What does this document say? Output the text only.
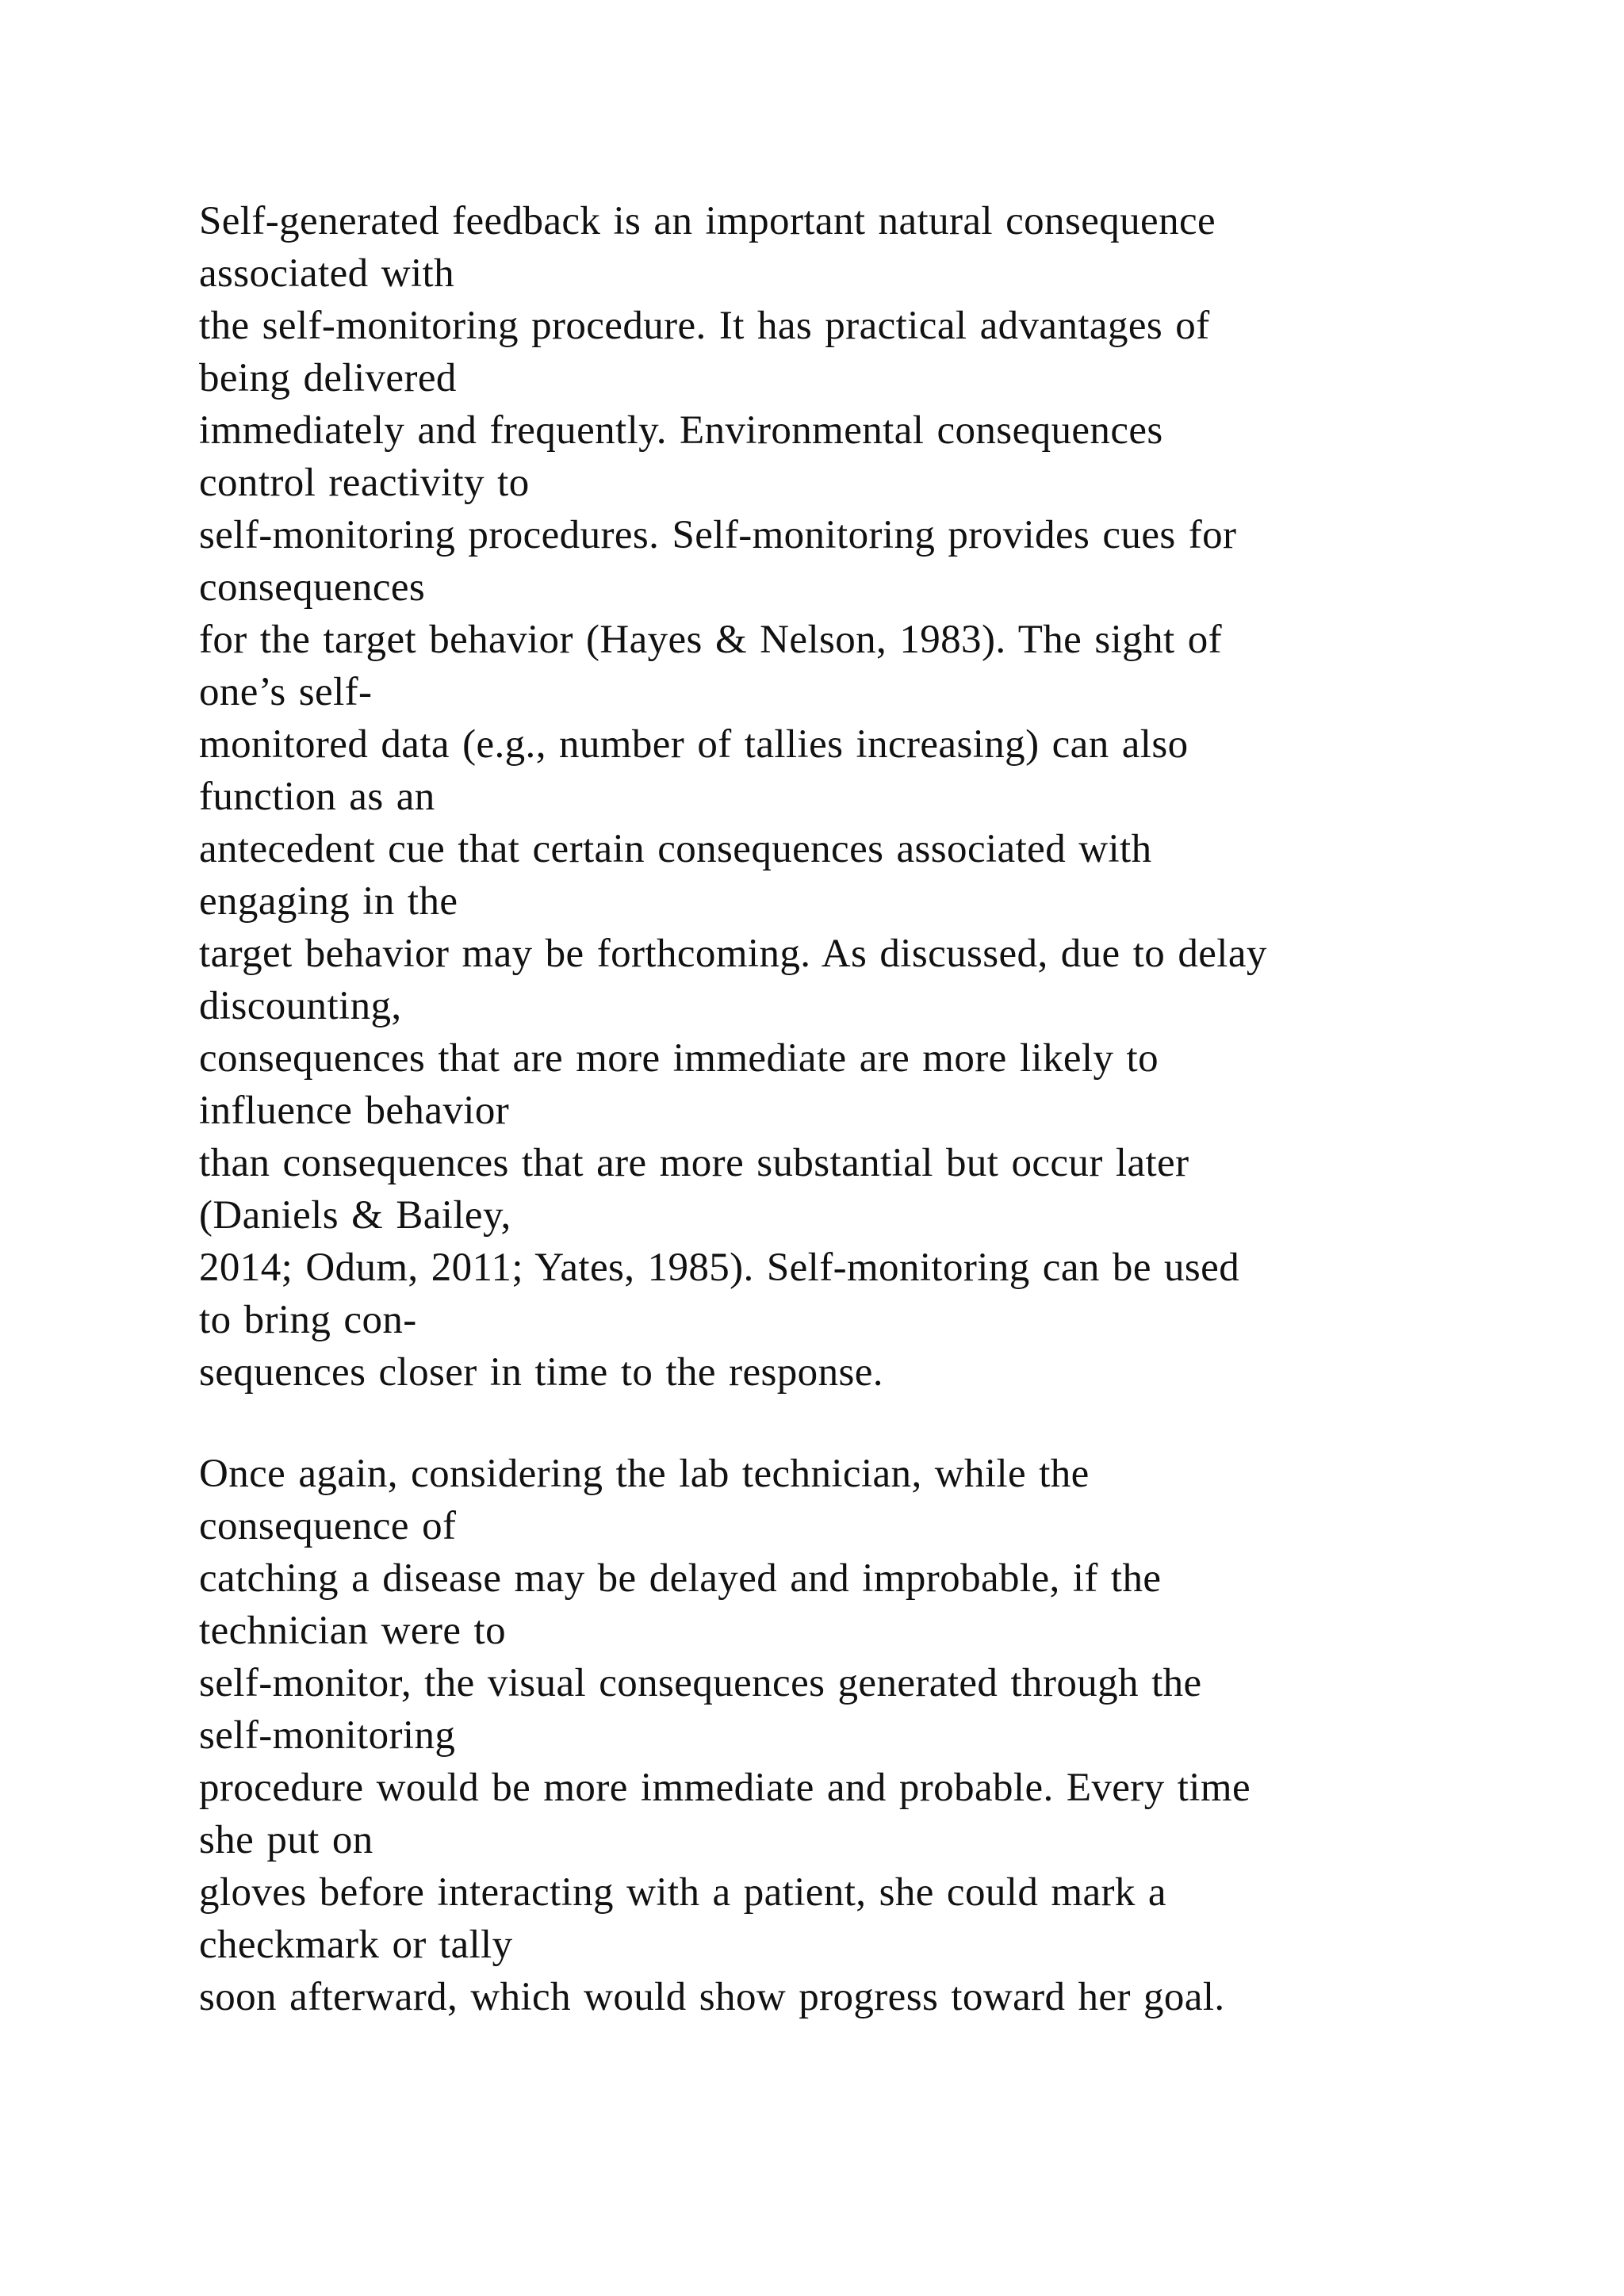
Self-generated feedback is an important natural consequence
associated with
the self-monitoring procedure. It has practical advantages of
being delivered
immediately and frequently. Environmental consequences
control reactivity to
self-monitoring procedures. Self-monitoring provides cues for
consequences
for the target behavior (Hayes & Nelson, 1983). The sight of
one’s self-
monitored data (e.g., number of tallies increasing) can also
function as an
antecedent cue that certain consequences associated with
engaging in the
target behavior may be forthcoming. As discussed, due to delay
discounting,
consequences that are more immediate are more likely to
influence behavior
than consequences that are more substantial but occur later
(Daniels & Bailey,
2014; Odum, 2011; Yates, 1985). Self-monitoring can be used
to bring con-
sequences closer in time to the response.
Once again, considering the lab technician, while the
consequence of
catching a disease may be delayed and improbable, if the
technician were to
self-monitor, the visual consequences generated through the
self-monitoring
procedure would be more immediate and probable. Every time
she put on
gloves before interacting with a patient, she could mark a
checkmark or tally
soon afterward, which would show progress toward her goal.
